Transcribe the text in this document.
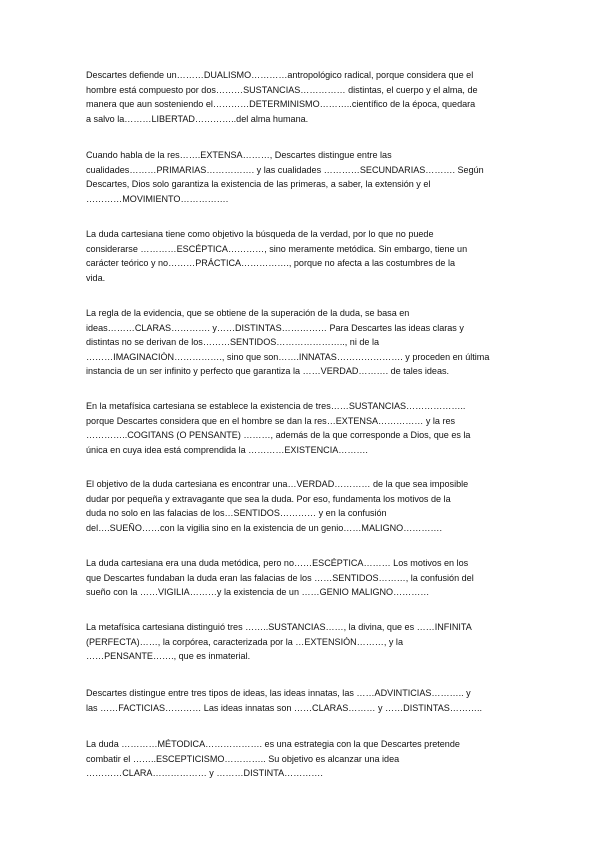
Descartes defiende un………DUALISMO…………antropológico radical, porque considera que el
hombre está compuesto por dos………SUSTANCIAS…………… distintas, el cuerpo y el alma, de
manera que aun sosteniendo el…………DETERMINISMO………..científico de la época, quedara
a salvo la………LIBERTAD…………..del alma humana.

Cuando habla de la res…….EXTENSA………, Descartes distingue entre las
cualidades………PRIMARIAS……………. y las cualidades …………SECUNDARIAS………. Según
Descartes, Dios solo garantiza la existencia de las primeras, a saber, la extensión y el
…………MOVIMIENTO…………….

La duda cartesiana tiene como objetivo la búsqueda de la verdad, por lo que no puede
considerarse …………ESCÉPTICA…………, sino meramente metódica. Sin embargo, tiene un
carácter teórico y no………PRÁCTICA……………., porque no afecta a las costumbres de la
vida.

La regla de la evidencia, que se obtiene de la superación de la duda, se basa en
ideas………CLARAS…………. y……DISTINTAS…………… Para Descartes las ideas claras y
distintas no se derivan de los………SENTIDOS………………….., ni de la
………IMAGINACIÓN……………., sino que son…….INNATAS…………………. y proceden en última
instancia de un ser infinito y perfecto que garantiza la ……VERDAD………. de tales ideas.

En la metafísica cartesiana se establece la existencia de tres……SUSTANCIAS………………..
porque Descartes considera que en el hombre se dan la res…EXTENSA…………… y la res
…………..COGITANS (O PENSANTE) ………, además de la que corresponde a Dios, que es la
única en cuya idea está comprendida la …………EXISTENCIA……….

El objetivo de la duda cartesiana es encontrar una…VERDAD………… de la que sea imposible
dudar por pequeña y extravagante que sea la duda. Por eso, fundamenta los motivos de la
duda no solo en las falacias de los…SENTIDOS………… y en la confusión
del….SUEÑO……con la vigilia sino en la existencia de un genio……MALIGNO………….

La duda cartesiana era una duda metódica, pero no……ESCÉPTICA……… Los motivos en los
que Descartes fundaban la duda eran las falacias de los ……SENTIDOS………, la confusión del
sueño con la ……VIGILIA………y la existencia de un ……GENIO MALIGNO…………

La metafísica cartesiana distinguió tres ……..SUSTANCIAS……, la divina, que es ……INFINITA
(PERFECTA)……, la corpórea, caracterizada por la …EXTENSIÓN………, y la
……PENSANTE……., que es inmaterial.

Descartes distingue entre tres tipos de ideas, las ideas innatas, las ……ADVINTICIAS……….. y
las ……FACTICIAS………… Las ideas innatas son ……CLARAS……… y ……DISTINTAS………..

La duda …………MÉTODICA………………. es una estrategia con la que Descartes pretende
combatir el ……..ESCEPTICISMO………….. Su objetivo es alcanzar una idea
…………CLARA……………… y ………DISTINTA………….
